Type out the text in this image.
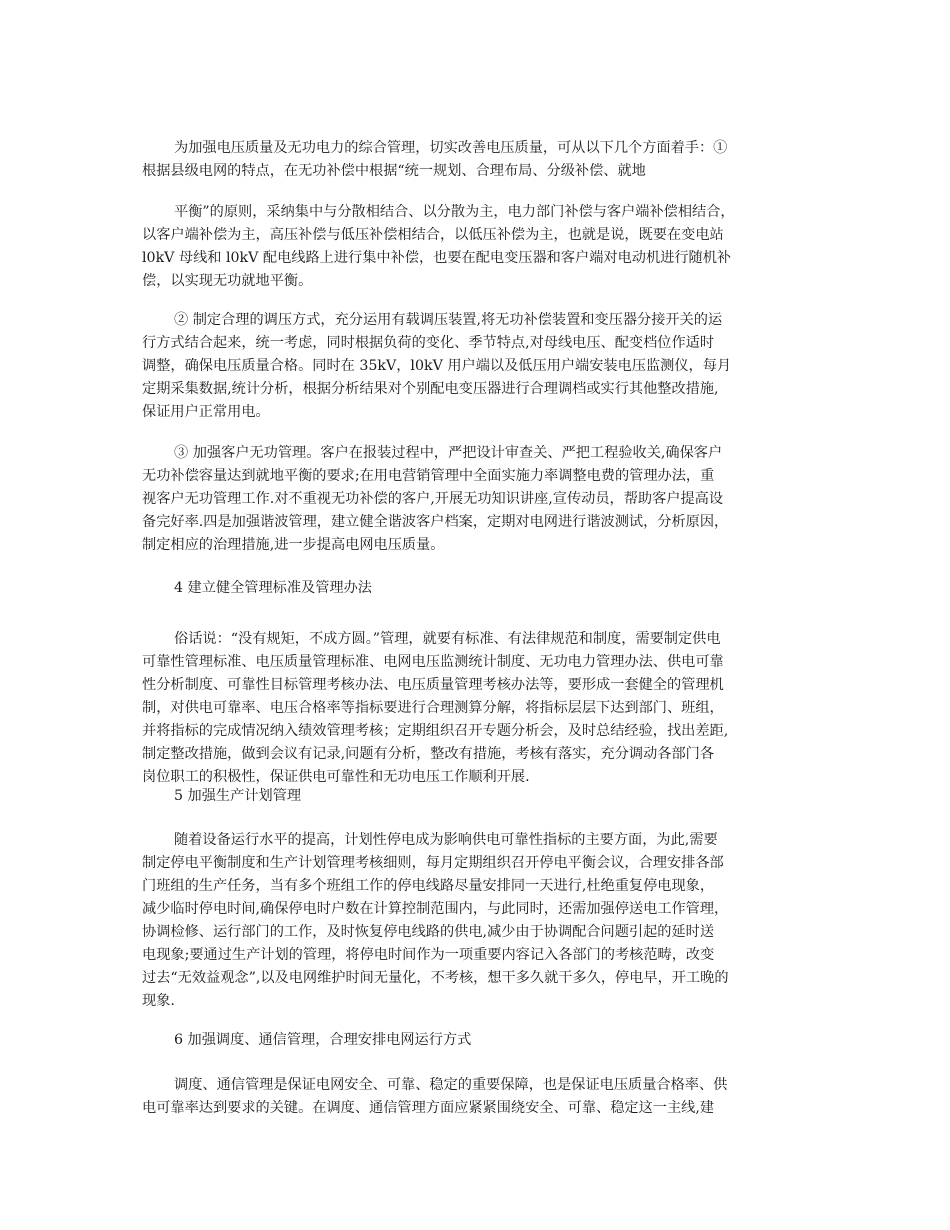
为加强电压质量及无功电力的综合管理，切实改善电压质量，可从以下几个方面着手：①
根据县级电网的特点，在无功补偿中根据“统一规划、合理布局、分级补偿、就地
平衡”的原则，采纳集中与分散相结合、以分散为主，电力部门补偿与客户端补偿相结合，
以客户端补偿为主，高压补偿与低压补偿相结合，以低压补偿为主，也就是说，既要在变电站
l0kV 母线和 l0kV 配电线路上进行集中补偿，也要在配电变压器和客户端对电动机进行随机补
偿，以实现无功就地平衡。
② 制定合理的调压方式，充分运用有载调压装置,将无功补偿装置和变压器分接开关的运
行方式结合起来，统一考虑，同时根据负荷的变化、季节特点,对母线电压、配变档位作适时
调整，确保电压质量合格。同时在 35kV，l0kV 用户端以及低压用户端安装电压监测仪，每月
定期采集数据,统计分析，根据分析结果对个别配电变压器进行合理调档或实行其他整改措施,
保证用户正常用电。
③ 加强客户无功管理。客户在报装过程中，严把设计审查关、严把工程验收关,确保客户
无功补偿容量达到就地平衡的要求;在用电营销管理中全面实施力率调整电费的管理办法，重
视客户无功管理工作.对不重视无功补偿的客户,开展无功知识讲座,宣传动员，帮助客户提高设
备完好率.四是加强谐波管理，建立健全谐波客户档案，定期对电网进行谐波测试，分析原因，
制定相应的治理措施,进一步提高电网电压质量。
4 建立健全管理标准及管理办法
俗话说：“没有规矩，不成方圆。”管理，就要有标准、有法律规范和制度，需要制定供电
可靠性管理标准、电压质量管理标准、电网电压监测统计制度、无功电力管理办法、供电可靠
性分析制度、可靠性目标管理考核办法、电压质量管理考核办法等，要形成一套健全的管理机
制，对供电可靠率、电压合格率等指标要进行合理测算分解，将指标层层下达到部门、班组，
并将指标的完成情况纳入绩效管理考核；定期组织召开专题分析会，及时总结经验，找出差距,
制定整改措施，做到会议有记录,问题有分析，整改有措施，考核有落实，充分调动各部门各
岗位职工的积极性，保证供电可靠性和无功电压工作顺利开展.
5 加强生产计划管理
随着设备运行水平的提高，计划性停电成为影响供电可靠性指标的主要方面，为此,需要
制定停电平衡制度和生产计划管理考核细则，每月定期组织召开停电平衡会议，合理安排各部
门班组的生产任务，当有多个班组工作的停电线路尽量安排同一天进行,杜绝重复停电现象，
减少临时停电时间,确保停电时户数在计算控制范围内，与此同时，还需加强停送电工作管理，
协调检修、运行部门的工作，及时恢复停电线路的供电,减少由于协调配合问题引起的延时送
电现象;要通过生产计划的管理，将停电时间作为一项重要内容记入各部门的考核范畴，改变
过去“无效益观念”,以及电网维护时间无量化，不考核，想干多久就干多久，停电早，开工晚的
现象.
6 加强调度、通信管理，合理安排电网运行方式
调度、通信管理是保证电网安全、可靠、稳定的重要保障，也是保证电压质量合格率、供
电可靠率达到要求的关键。在调度、通信管理方面应紧紧围绕安全、可靠、稳定这一主线,建
